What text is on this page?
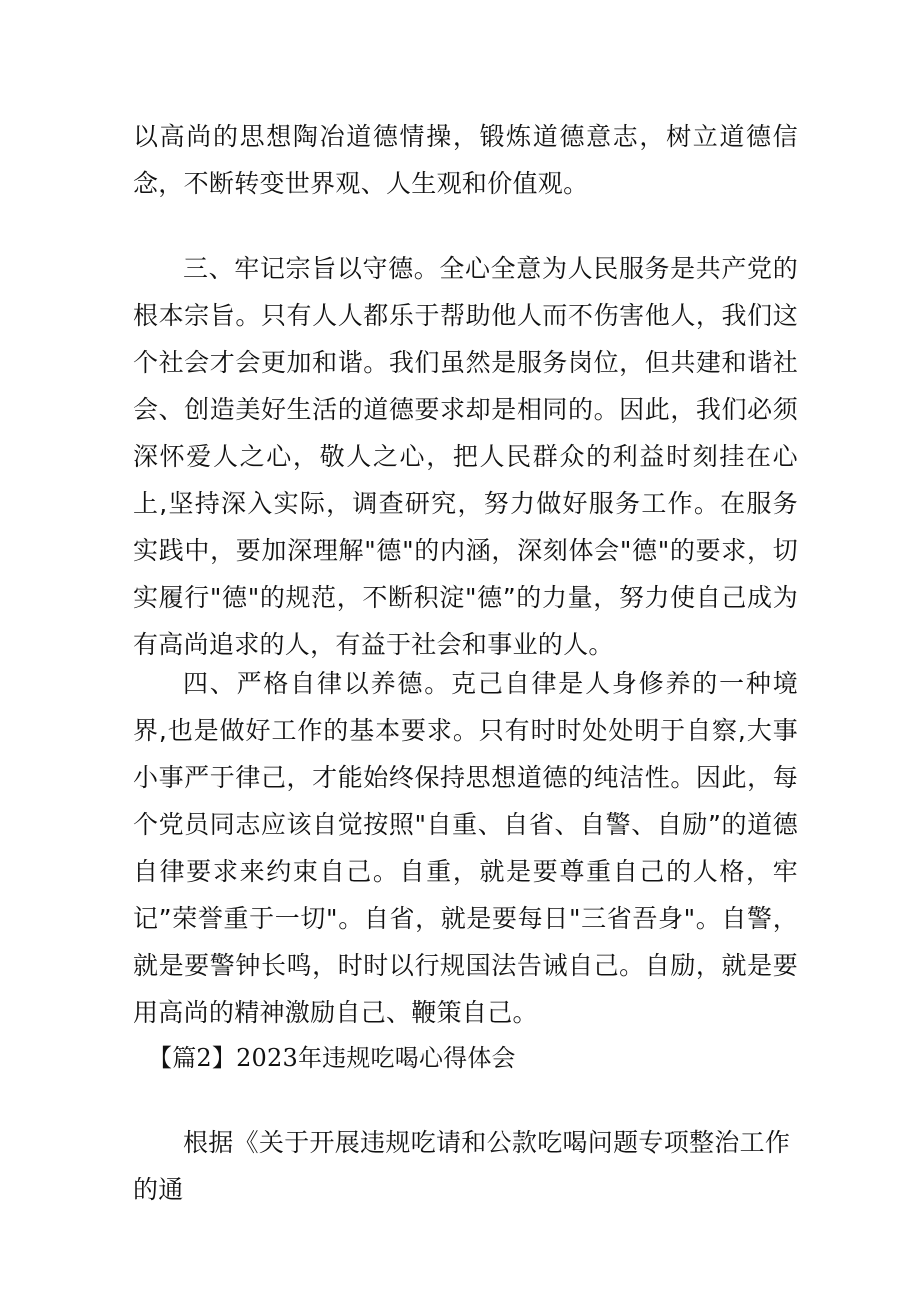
以高尚的思想陶冶道德情操，锻炼道德意志，树立道德信念，不断转变世界观、人生观和价值观。

三、牢记宗旨以守德。全心全意为人民服务是共产党的根本宗旨。只有人人都乐于帮助他人而不伤害他人，我们这个社会才会更加和谐。我们虽然是服务岗位，但共建和谐社会、创造美好生活的道德要求却是相同的。因此，我们必须深怀爱人之心，敬人之心，把人民群众的利益时刻挂在心上,坚持深入实际，调查研究，努力做好服务工作。在服务实践中，要加深理解"德"的内涵，深刻体会"德"的要求，切实履行"德"的规范，不断积淀"德”的力量，努力使自己成为有高尚追求的人，有益于社会和事业的人。

四、严格自律以养德。克己自律是人身修养的一种境界,也是做好工作的基本要求。只有时时处处明于自察,大事小事严于律己，才能始终保持思想道德的纯洁性。因此，每个党员同志应该自觉按照"自重、自省、自警、自励”的道德自律要求来约束自己。自重，就是要尊重自己的人格，牢记”荣誉重于一切"。自省，就是要每日"三省吾身"。自警，就是要警钟长鸣，时时以行规国法告诫自己。自励，就是要用高尚的精神激励自己、鞭策自己。

【篇2】2023年违规吃喝心得体会

根据《关于开展违规吃请和公款吃喝问题专项整治工作的通
